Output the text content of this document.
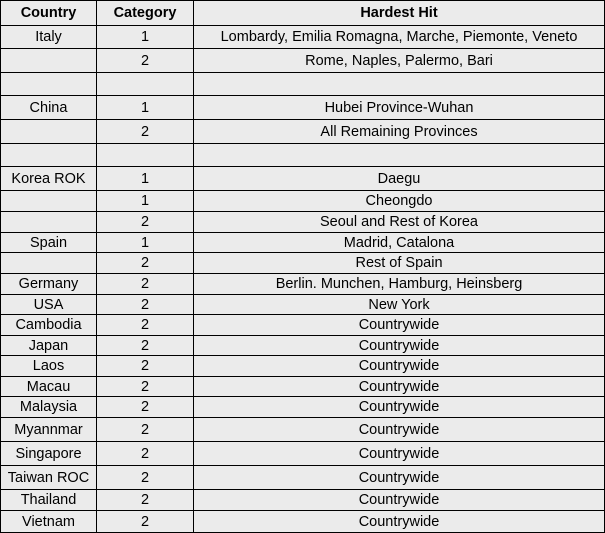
Country	Category	Hardest Hit
Italy	1	Lombardy, Emilia Romagna, Marche, Piemonte, Veneto
	2	Rome, Naples, Palermo, Bari

China	1	Hubei Province-Wuhan
	2	All Remaining Provinces

Korea ROK	1	Daegu
	1	Cheongdo
	2	Seoul and Rest of Korea
Spain	1	Madrid, Catalona
	2	Rest of Spain
Germany	2	Berlin. Munchen, Hamburg, Heinsberg
USA	2	New York
Cambodia	2	Countrywide
Japan	2	Countrywide
Laos	2	Countrywide
Macau	2	Countrywide
Malaysia	2	Countrywide
Myannmar	2	Countrywide
Singapore	2	Countrywide
Taiwan ROC	2	Countrywide
Thailand	2	Countrywide
Vietnam	2	Countrywide
